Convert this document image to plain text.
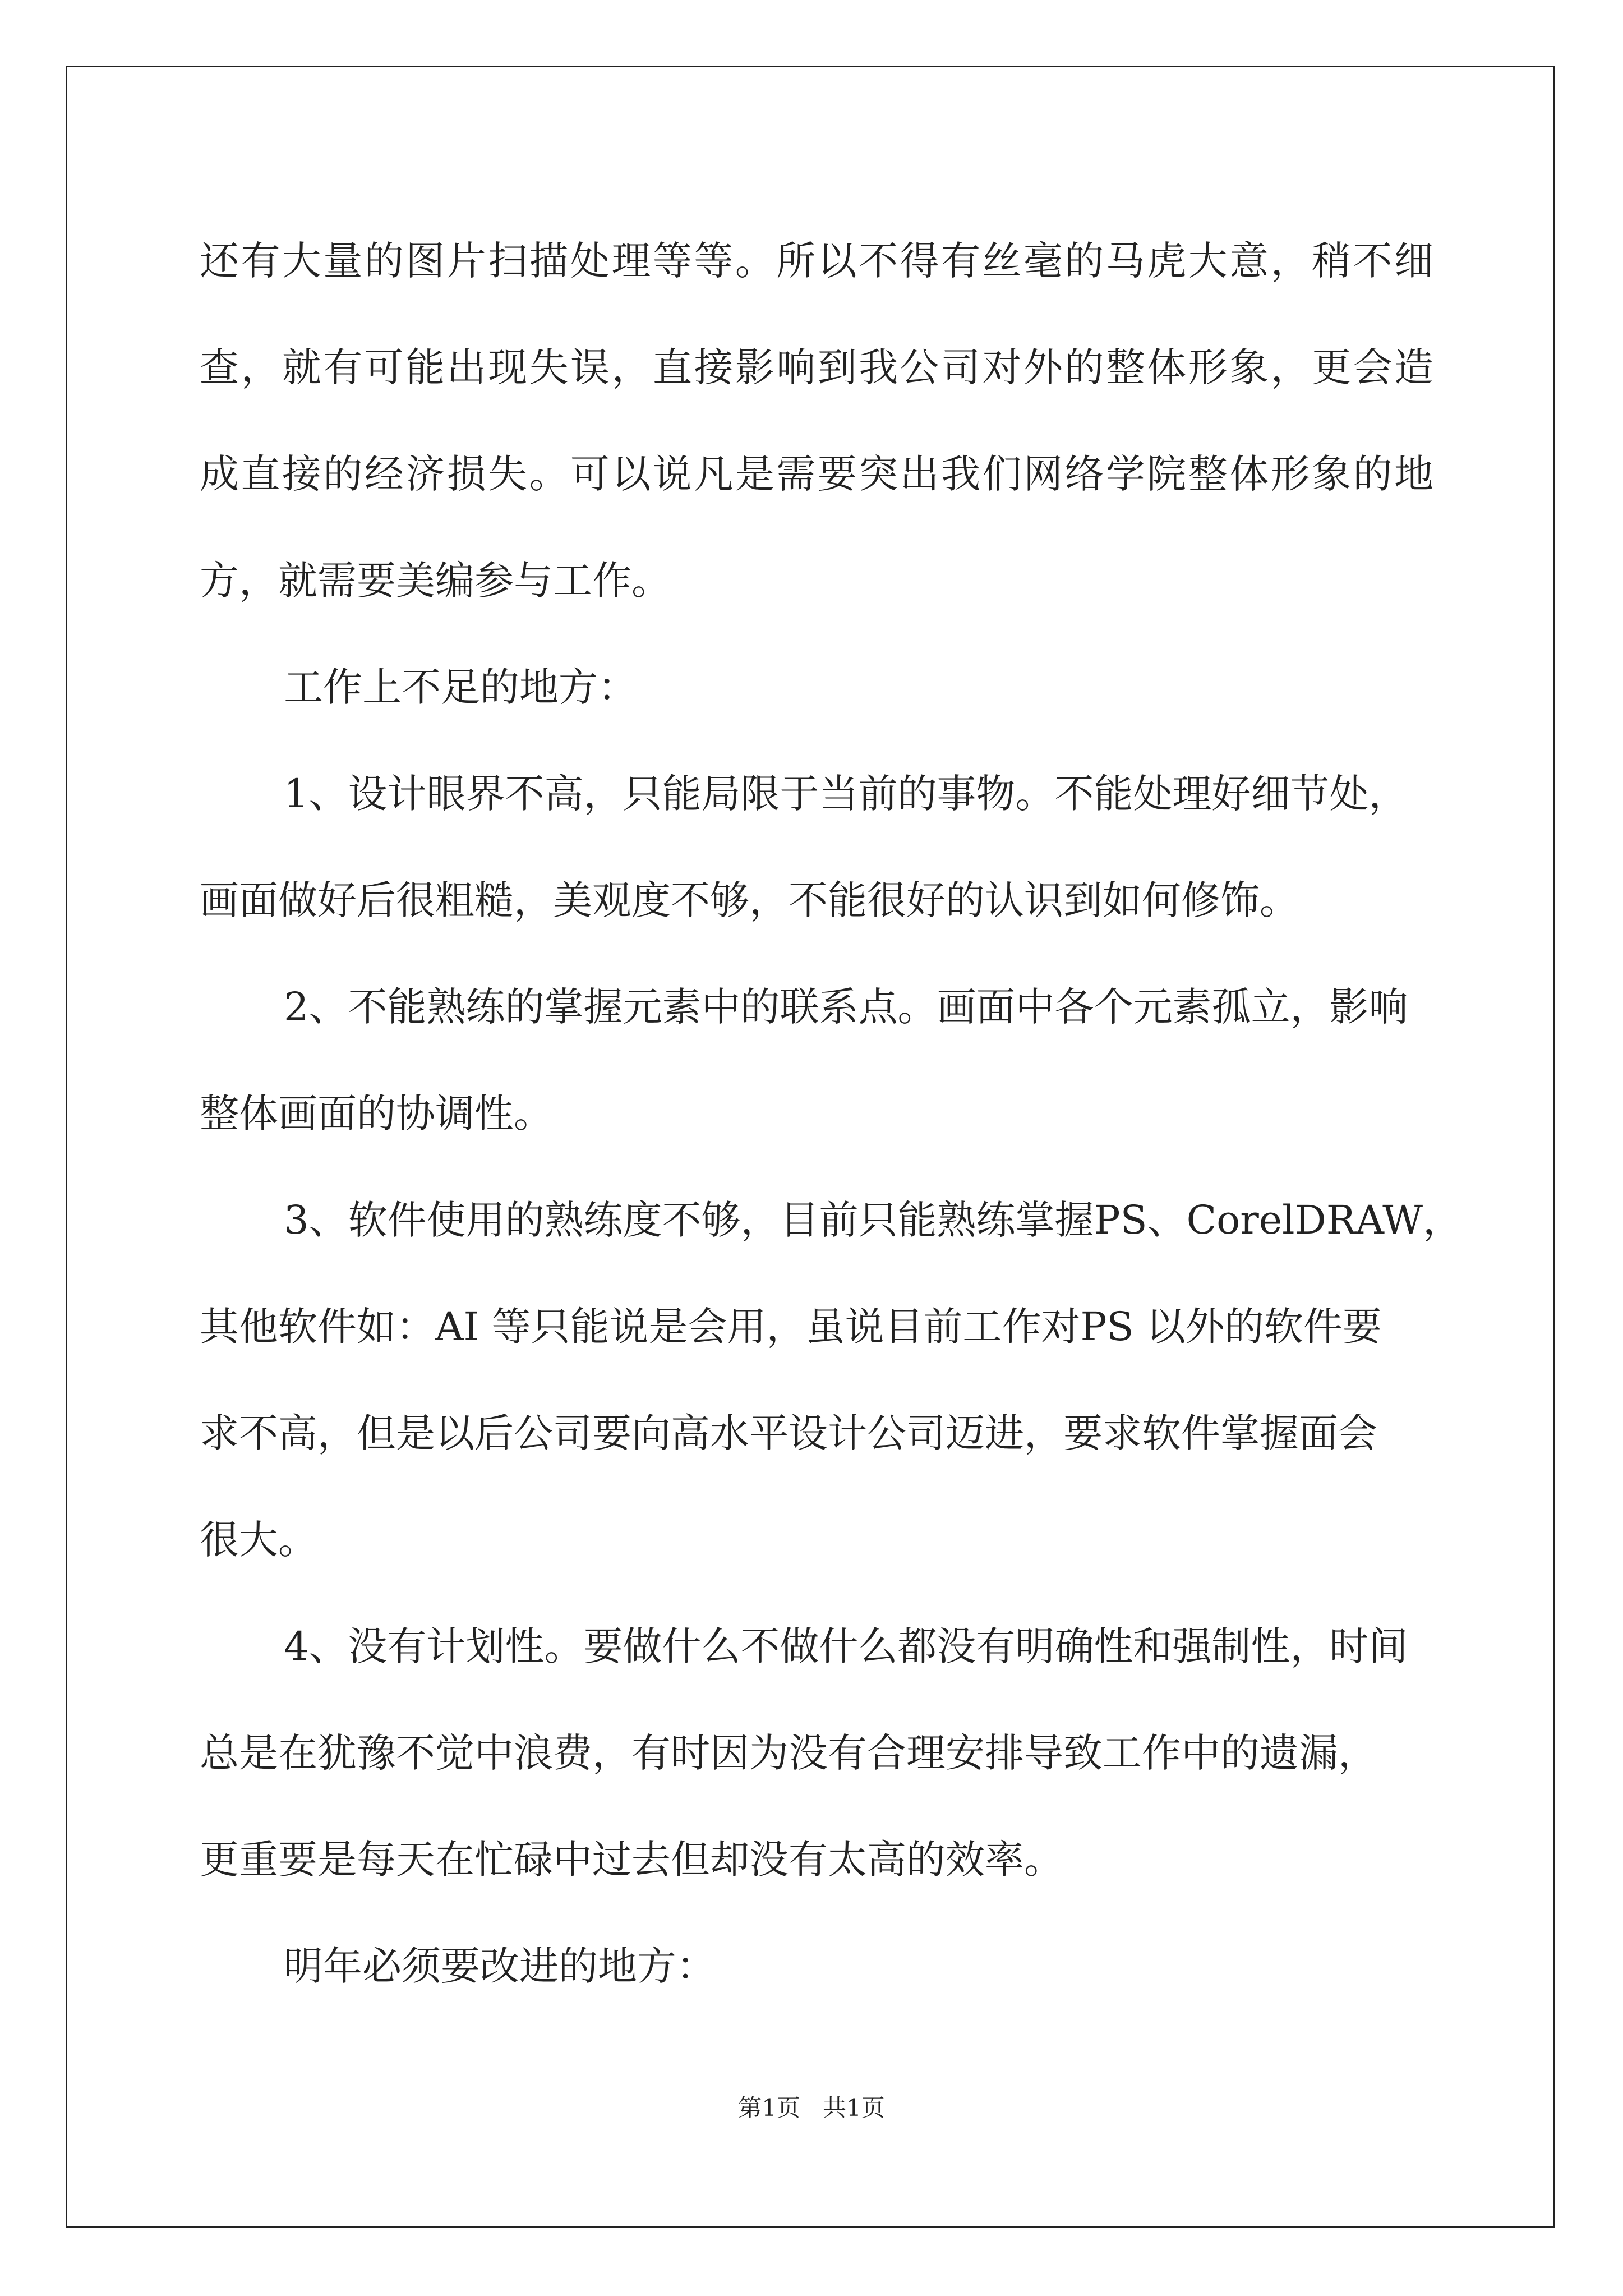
还有大量的图片扫描处理等等。所以不得有丝毫的马虎大意，稍不细
查，就有可能出现失误，直接影响到我公司对外的整体形象，更会造
成直接的经济损失。可以说凡是需要突出我们网络学院整体形象的地
方，就需要美编参与工作。

工作上不足的地方：

1、设计眼界不高，只能局限于当前的事物。不能处理好细节处，
画面做好后很粗糙，美观度不够，不能很好的认识到如何修饰。

2、不能熟练的掌握元素中的联系点。画面中各个元素孤立，影响
整体画面的协调性。

3、软件使用的熟练度不够，目前只能熟练掌握PS、CorelDRAW，
其他软件如：AI 等只能说是会用，虽说目前工作对PS 以外的软件要
求不高，但是以后公司要向高水平设计公司迈进，要求软件掌握面会
很大。

4、没有计划性。要做什么不做什么都没有明确性和强制性，时间
总是在犹豫不觉中浪费，有时因为没有合理安排导致工作中的遗漏，
更重要是每天在忙碌中过去但却没有太高的效率。

明年必须要改进的地方：

第1页   共1页
